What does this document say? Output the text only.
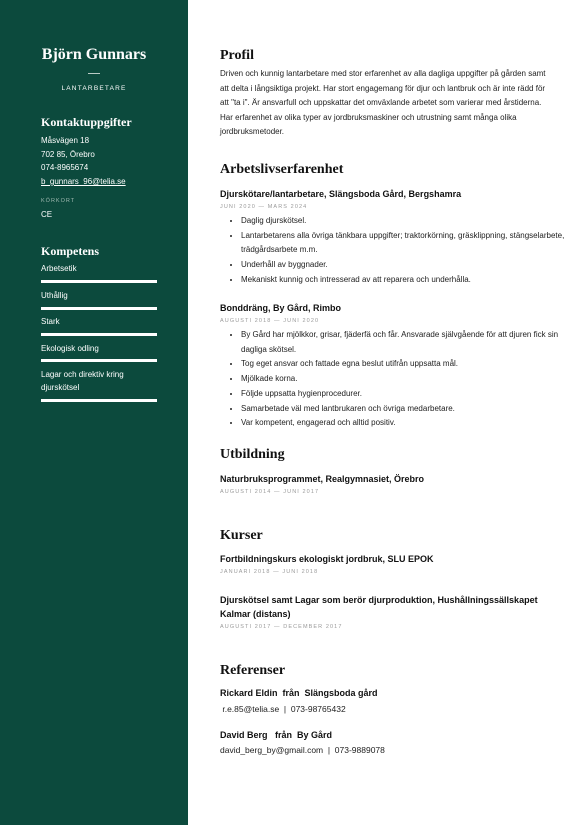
Björn Gunnars
LANTARBETARE
Kontaktuppgifter
Måsvägen 18
702 85, Örebro
074-8965674
b_gunnars_96@telia.se
KÖRKORT
CE
Kompetens
Arbetsetik
Uthållig
Stark
Ekologisk odling
Lagar och direktiv kring djurskötsel
Profil
Driven och kunnig lantarbetare med stor erfarenhet av alla dagliga uppgifter på gården samt att delta i långsiktiga projekt. Har stort engagemang för djur och lantbruk och är inte rädd för att "ta i". Är ansvarfull och uppskattar det omväxlande arbetet som varierar med årstiderna. Har erfarenhet av olika typer av jordbruksmaskiner och utrustning samt många olika jordbruksmetoder.
Arbetslivserfarenhet
Djurskötare/lantarbetare, Slängsboda Gård, Bergshamra
JUNI 2020 — MARS 2024
• Daglig djurskötsel.
• Lantarbetarens alla övriga tänkbara uppgifter; traktorkörning, gräsklippning, stängselarbete, trädgårdsarbete m.m.
• Underhåll av byggnader.
• Mekaniskt kunnig och intresserad av att reparera och underhålla.
Bonddräng, By Gård, Rimbo
AUGUSTI 2018 — JUNI 2020
• By Gård har mjölkkor, grisar, fjäderfä och får. Ansvarade självgående för att djuren fick sin dagliga skötsel.
• Tog eget ansvar och fattade egna beslut utifrån uppsatta mål.
• Mjölkade korna.
• Följde uppsatta hygienprocedurer.
• Samarbetade väl med lantbrukaren och övriga medarbetare.
• Var kompetent, engagerad och alltid positiv.
Utbildning
Naturbruksprogrammet, Realgymnasiet, Örebro
AUGUSTI 2014 — JUNI 2017
Kurser
Fortbildningskurs ekologiskt jordbruk, SLU EPOK
JANUARI 2018 — JUNI 2018
Djurskötsel samt Lagar som berör djurproduktion, Hushållningssällskapet Kalmar (distans)
AUGUSTI 2017 — DECEMBER 2017
Referenser
Rickard Eldin  från  Slängsboda gård
r.e.85@telia.se  |  073-98765432
David Berg   från  By Gård
david_berg_by@gmail.com  |  073-9889078
